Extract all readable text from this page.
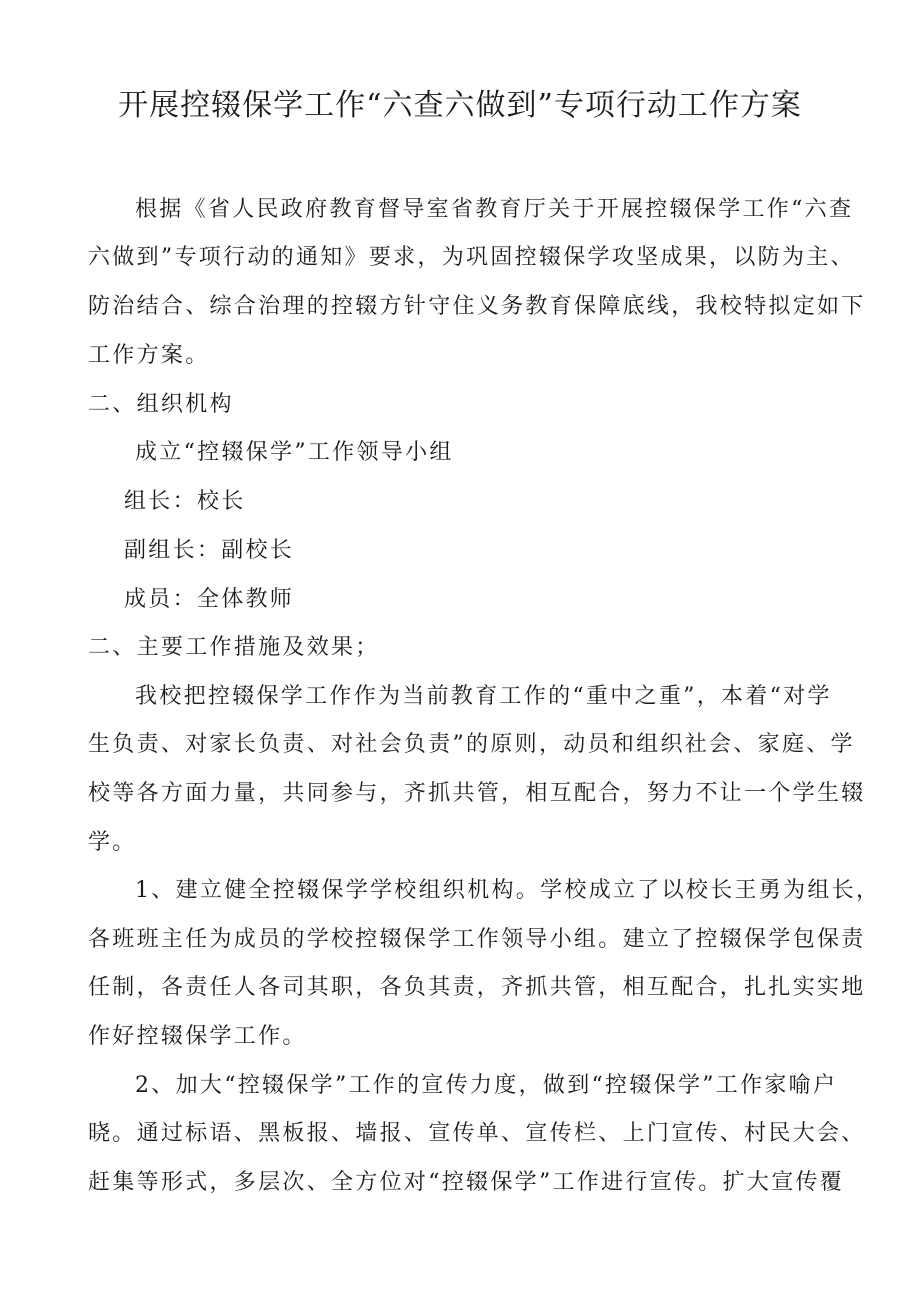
开展控辍保学工作“六查六做到”专项行动工作方案
根据《省人民政府教育督导室省教育厅关于开展控辍保学工作“六查
六做到”专项行动的通知》要求，为巩固控辍保学攻坚成果，以防为主、
防治结合、综合治理的控辍方针守住义务教育保障底线，我校特拟定如下
工作方案。
二、组织机构
成立“控辍保学”工作领导小组
组长：校长
副组长：副校长
成员：全体教师
二、主要工作措施及效果；
我校把控辍保学工作作为当前教育工作的“重中之重”，本着“对学
生负责、对家长负责、对社会负责”的原则，动员和组织社会、家庭、学
校等各方面力量，共同参与，齐抓共管，相互配合，努力不让一个学生辍
学。
1、建立健全控辍保学学校组织机构。学校成立了以校长王勇为组长，
各班班主任为成员的学校控辍保学工作领导小组。建立了控辍保学包保责
任制，各责任人各司其职，各负其责，齐抓共管，相互配合，扎扎实实地
作好控辍保学工作。
2、加大“控辍保学”工作的宣传力度，做到“控辍保学”工作家喻户
晓。通过标语、黑板报、墙报、宣传单、宣传栏、上门宣传、村民大会、
赶集等形式，多层次、全方位对“控辍保学”工作进行宣传。扩大宣传覆
